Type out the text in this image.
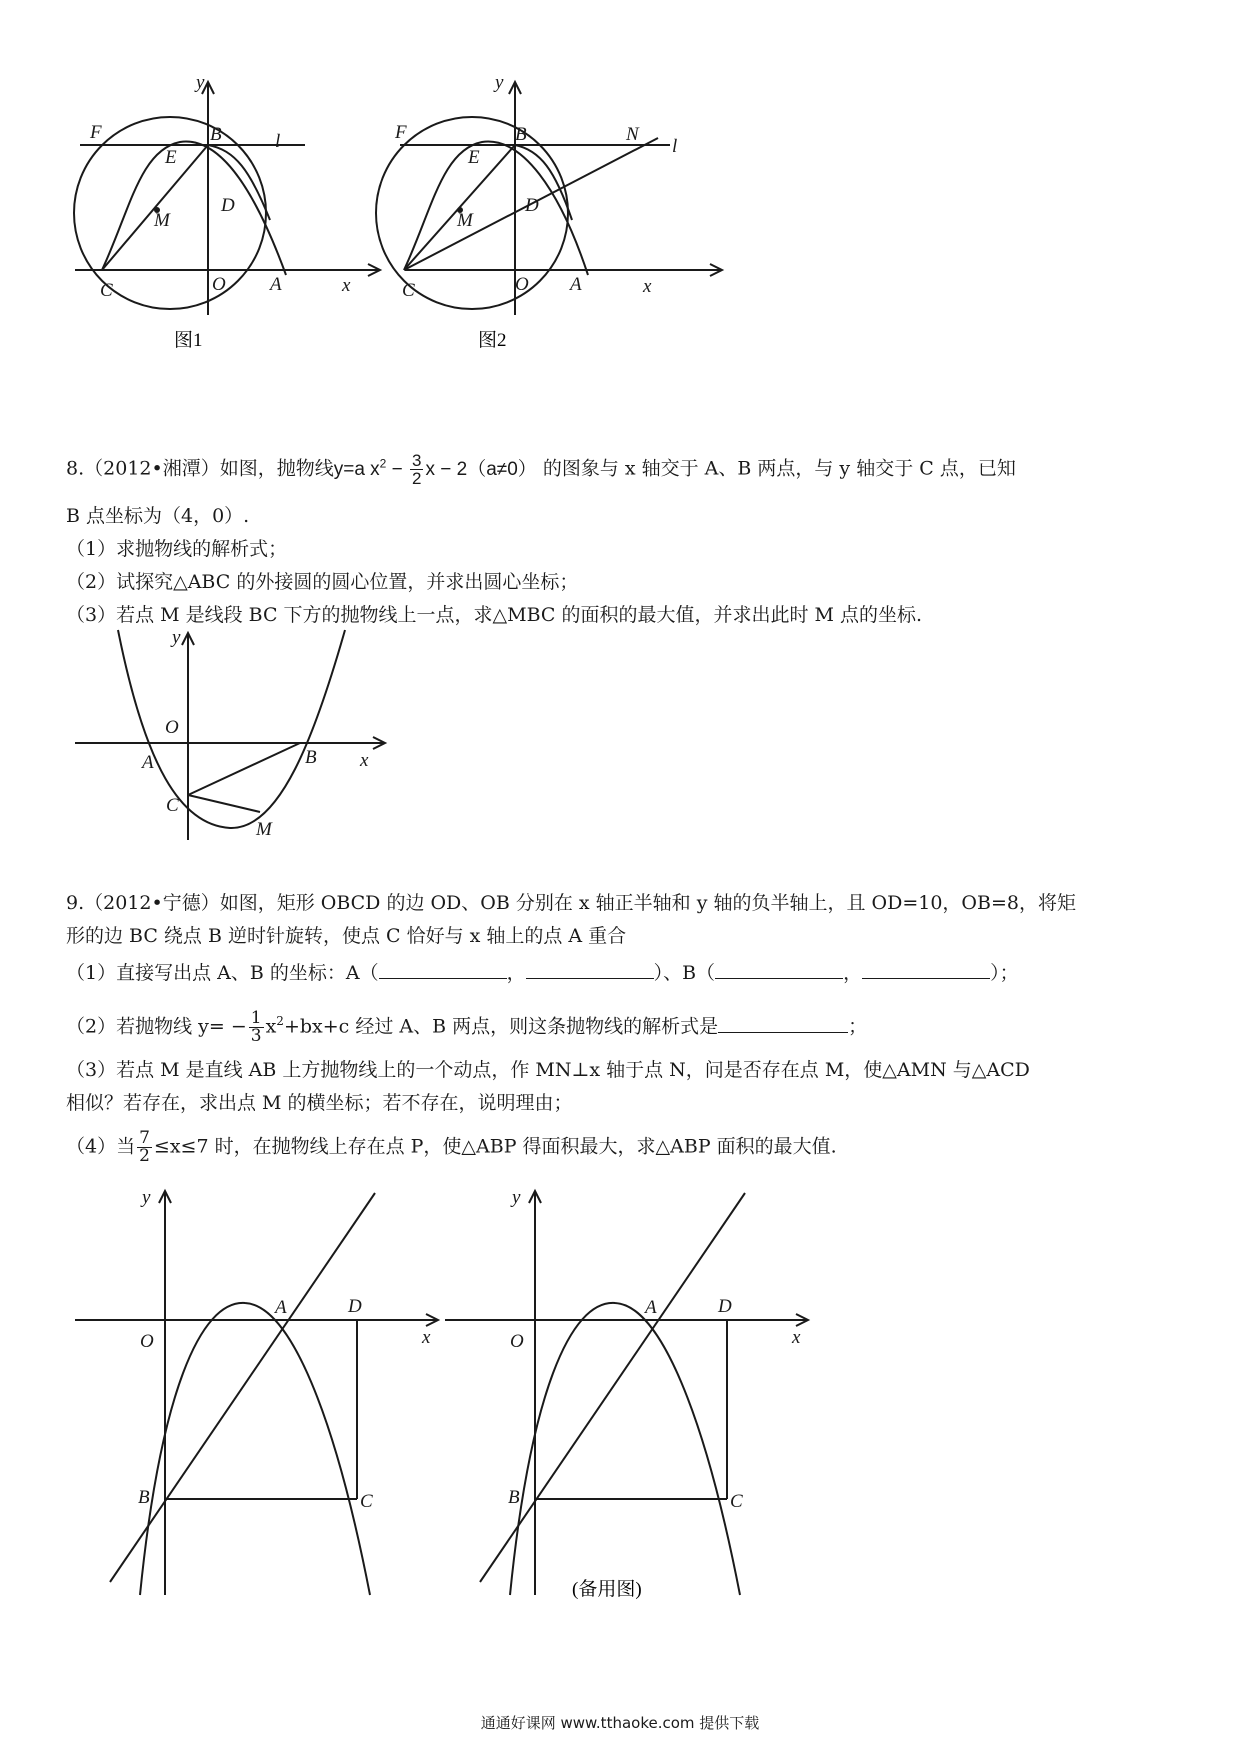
y
F	B	l
E
M
D
C	O A	x
图1
y
F	B	N
l
E
M
D
C	O A	x
图2
8.（2012•湘潭）如图，抛物线y=a $x^2 - \frac{3}{2}$ x − 2（a≠0） 的图象与 x 轴交于 A、B 两点，与 y 轴交于 C 点，已知
B 点坐标为（4，0）.
（1）求抛物线的解析式；
（2）试探究△ABC 的外接圆的圆心位置，并求出圆心坐标；
（3）若点 M 是线段 BC 下方的抛物线上一点，求△MBC 的面积的最大值，并求出此时 M 点的坐标.
y
O
A	B x
C
M
9.（2012•宁德）如图，矩形 OBCD 的边 OD、OB 分别在 x 轴正半轴和 y 轴的负半轴上，且 OD=10，OB=8，将矩
形的边 BC 绕点 B 逆时针旋转，使点 C 恰好与 x 轴上的点 A 重合
（1）直接写出点 A、B 的坐标：A（	，	）、B（	，	）；
（2）若抛物线 $y= - \frac{1}{3} x^2+bx+c$ 经过 A、B 两点，则这条抛物线的解析式是	；
（3）若点 M 是直线 AB 上方抛物线上的一个动点，作 MN⊥x 轴于点 N，问是否存在点 M，使△AMN 与△ACD
相似？若存在，求出点 M 的横坐标；若不存在，说明理由；
（4）当 $\frac{7}{2} \le x\le 7$ 时，在抛物线上存在点 P，使△ABP 得面积最大，求△ABP 面积的最大值.
y
O
A	D
x
B	C
y
O
A	D
x
B	C
(备用图)
通通好课网 www.tthaoke.com 提供下载
